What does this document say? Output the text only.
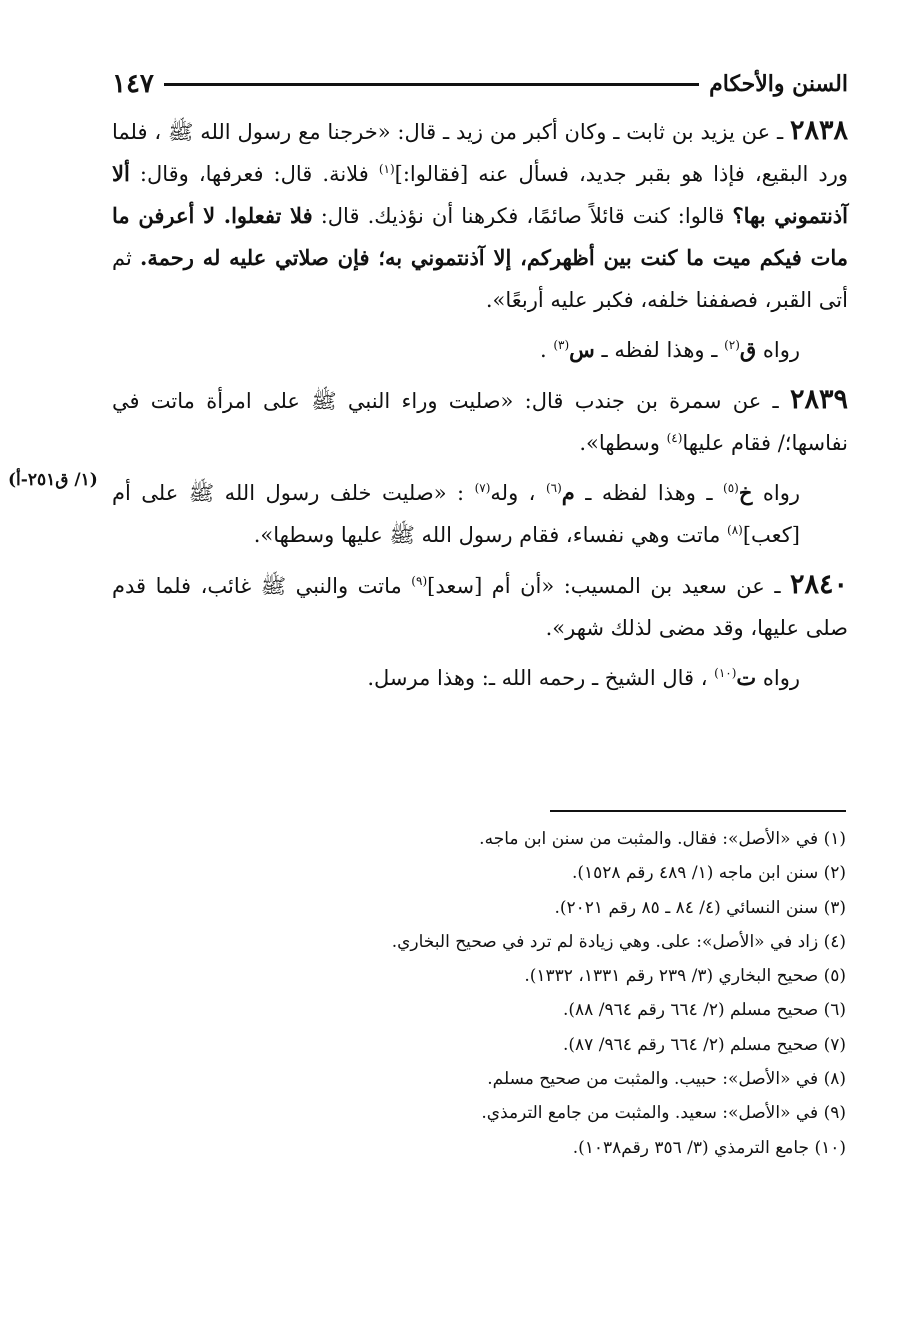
السنن والأحكام
١٤٧

٢٨٣٨ ـ عن يزيد بن ثابت ـ وكان أكبر من زيد ـ قال: «خرجنا مع رسول الله ﷺ ، فلما ورد البقيع، فإذا هو بقبر جديد، فسأل عنه [فقالوا:]$^{(١)}$ فلانة. قال: فعرفها، وقال: ألا آذنتموني بها؟ قالوا: كنت قائلاً صائمًا، فكرهنا أن نؤذيك. قال: فلا تفعلوا. لا أعرفن ما مات فيكم ميت ما كنت بين أظهركم، إلا آذنتموني به؛ فإن صلاتي عليه له رحمة. ثم أتى القبر، فصففنا خلفه، فكبر عليه أربعًا».

رواه ق$^{(٢)}$ ـ وهذا لفظه ـ س$^{(٣)}$ .

٢٨٣٩ ـ عن سمرة بن جندب قال: «صليت وراء النبي ﷺ على امرأة ماتت في نفاسها؛/ فقام عليها$^{(٤)}$ وسطها».

رواه خ$^{(٥)}$ ـ وهذا لفظه ـ م$^{(٦)}$ ، وله$^{(٧)}$ : «صليت خلف رسول الله ﷺ على أم [كعب]$^{(٨)}$ ماتت وهي نفساء، فقام رسول الله ﷺ عليها وسطها».

٢٨٤٠ ـ عن سعيد بن المسيب: «أن أم [سعد]$^{(٩)}$ ماتت والنبي ﷺ غائب، فلما قدم صلى عليها، وقد مضى لذلك شهر».

رواه ت$^{(١٠)}$ ، قال الشيخ ـ رحمه الله ـ: وهذا مرسل.

(١/ ق٢٥١-أ)
(١) في «الأصل»: فقال. والمثبت من سنن ابن ماجه.
(٢) سنن ابن ماجه (١/ ٤٨٩ رقم ١٥٢٨).
(٣) سنن النسائي (٤/ ٨٤ ـ ٨٥ رقم ٢٠٢١).
(٤) زاد في «الأصل»: على. وهي زيادة لم ترد في صحيح البخاري.
(٥) صحيح البخاري (٣/ ٢٣٩ رقم ١٣٣١، ١٣٣٢).
(٦) صحيح مسلم (٢/ ٦٦٤ رقم ٩٦٤/ ٨٨).
(٧) صحيح مسلم (٢/ ٦٦٤ رقم ٩٦٤/ ٨٧).
(٨) في «الأصل»: حبيب. والمثبت من صحيح مسلم.
(٩) في «الأصل»: سعيد. والمثبت من جامع الترمذي.
(١٠) جامع الترمذي (٣/ ٣٥٦ رقم١٠٣٨).
